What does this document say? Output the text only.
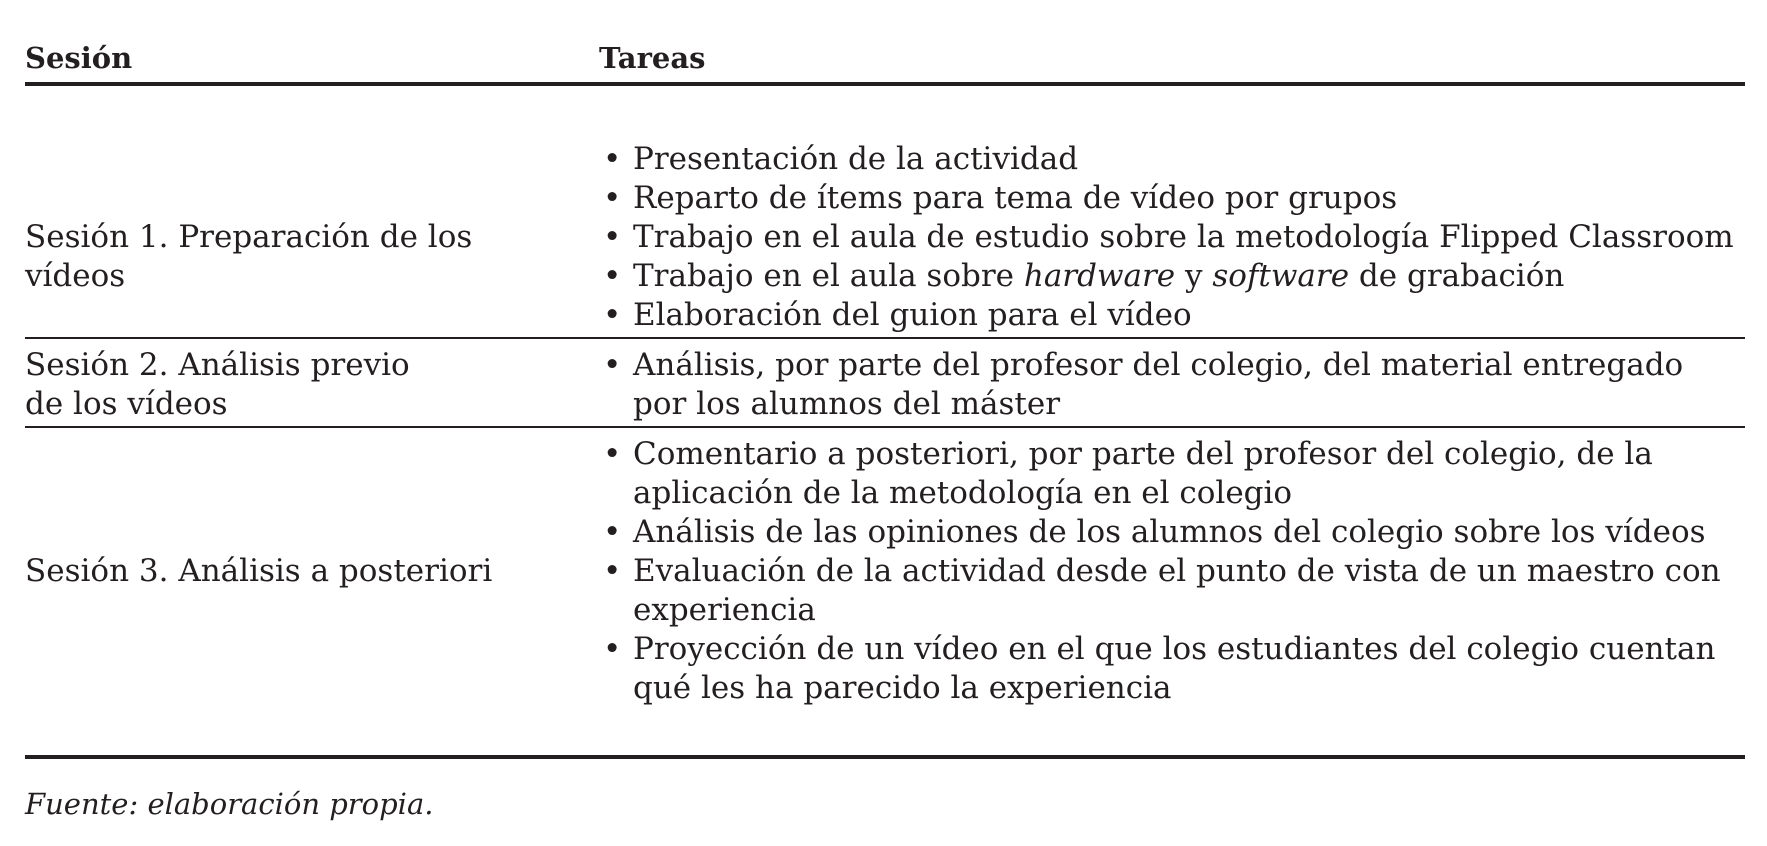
Sesión	Tareas
Sesión 1. Preparación de los vídeos
• Presentación de la actividad
• Reparto de ítems para tema de vídeo por grupos
• Trabajo en el aula de estudio sobre la metodología Flipped Classroom
• Trabajo en el aula sobre hardware y software de grabación
• Elaboración del guion para el vídeo
Sesión 2. Análisis previo de los vídeos
• Análisis, por parte del profesor del colegio, del material entregado por los alumnos del máster
Sesión 3. Análisis a posteriori
• Comentario a posteriori, por parte del profesor del colegio, de la aplicación de la metodología en el colegio
• Análisis de las opiniones de los alumnos del colegio sobre los vídeos
• Evaluación de la actividad desde el punto de vista de un maestro con experiencia
• Proyección de un vídeo en el que los estudiantes del colegio cuentan qué les ha parecido la experiencia
Fuente: elaboración propia.
